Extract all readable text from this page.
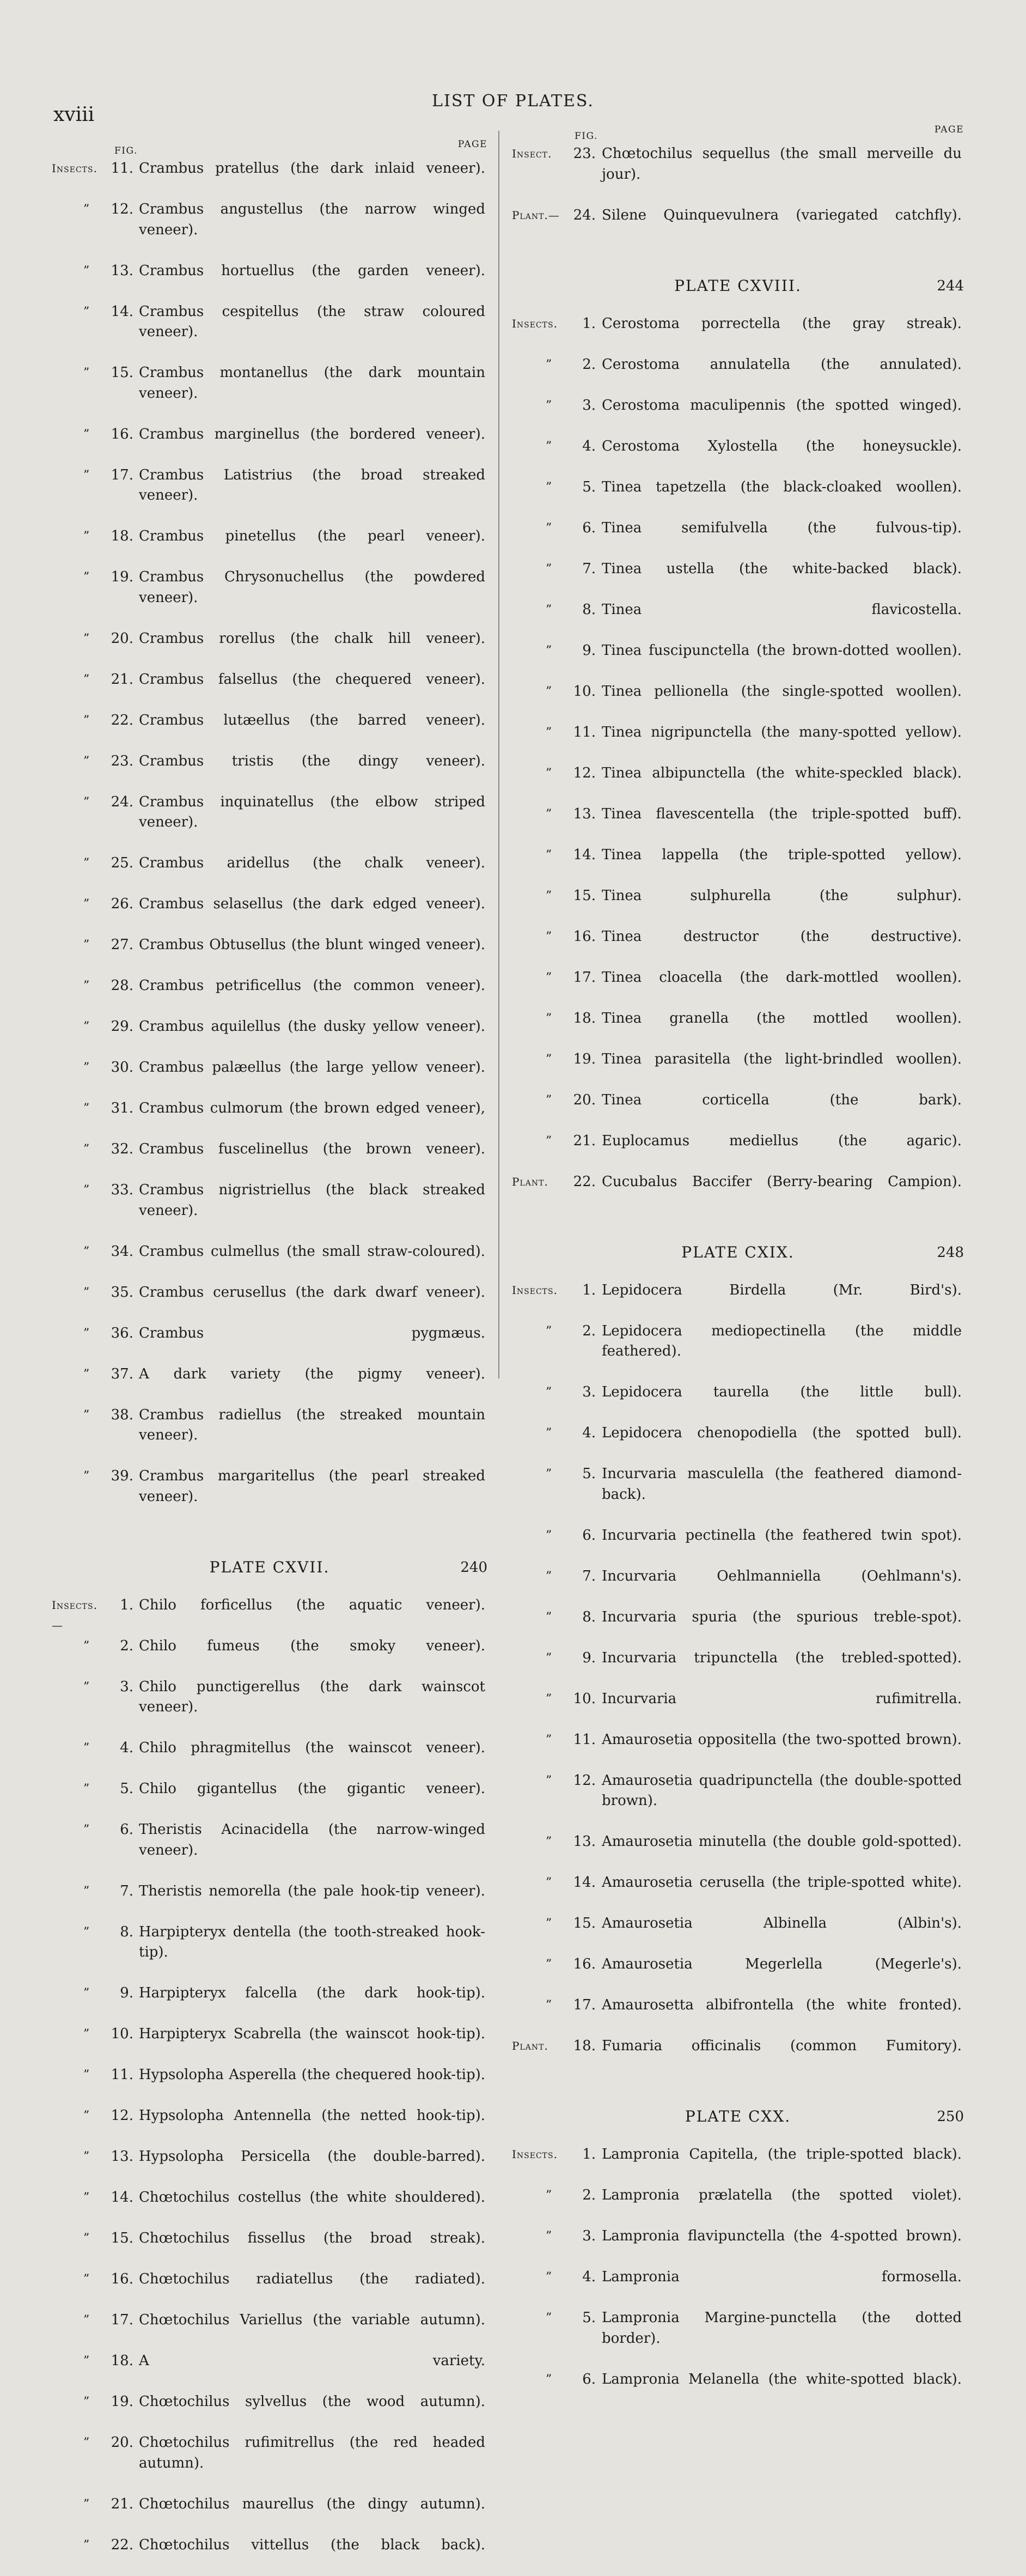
xviii
LIST OF PLATES.
FIG.
PAGE
Insects. 11. Crambus pratellus (the dark inlaid veneer).
”	12. Crambus angustellus (the narrow winged veneer).
”	13. Crambus hortuellus (the garden veneer).
”	14. Crambus cespitellus (the straw coloured veneer).
”	15. Crambus montanellus (the dark mountain veneer).
”	16. Crambus marginellus (the bordered veneer).
”	17. Crambus Latistrius (the broad streaked veneer).
”	18. Crambus pinetellus (the pearl veneer).
”	19. Crambus Chrysonuchellus (the powdered veneer).
”	20. Crambus rorellus (the chalk hill veneer).
”	21. Crambus falsellus (the chequered veneer).
”	22. Crambus lutæellus (the barred veneer).
”	23. Crambus tristis (the dingy veneer).
”	24. Crambus inquinatellus (the elbow striped veneer).
”	25. Crambus aridellus (the chalk veneer).
”	26. Crambus selasellus (the dark edged veneer).
”	27. Crambus Obtusellus (the blunt winged veneer).
”	28. Crambus petrificellus (the common veneer).
”	29. Crambus aquilellus (the dusky yellow veneer).
”	30. Crambus palæellus (the large yellow veneer).
”	31. Crambus culmorum (the brown edged veneer),
”	32. Crambus fuscelinellus (the brown veneer).
”	33. Crambus nigristriellus (the black streaked veneer).
”	34. Crambus culmellus (the small straw-coloured).
”	35. Crambus cerusellus (the dark dwarf veneer).
”	36. Crambus pygmæus.
”	37. A dark variety (the pigmy veneer).
”	38. Crambus radiellus (the streaked mountain veneer).
”	39. Crambus margaritellus (the pearl streaked veneer).
PLATE CXVII.	240
Insects.—
1. Chilo forficellus (the aquatic veneer).
”	2. Chilo fumeus (the smoky veneer).
”	3. Chilo punctigerellus (the dark wainscot veneer).
”	4. Chilo phragmitellus (the wainscot veneer).
”	5. Chilo gigantellus (the gigantic veneer).
”	6. Theristis Acinacidella (the narrow-winged veneer).
”	7. Theristis nemorella (the pale hook-tip veneer).
”	8. Harpipteryx dentella (the tooth-streaked hook-tip).
”	9. Harpipteryx falcella (the dark hook-tip).
”	10. Harpipteryx Scabrella (the wainscot hook-tip).
”	11. Hypsolopha Asperella (the chequered hook-tip).
”	12. Hypsolopha Antennella (the netted hook-tip).
”	13. Hypsolopha Persicella (the double-barred).
”	14. Chœtochilus costellus (the white shouldered).
”	15. Chœtochilus fissellus (the broad streak).
”	16. Chœtochilus radiatellus (the radiated).
”	17. Chœtochilus Variellus (the variable autumn).
”	18. A variety.
”	19. Chœtochilus sylvellus (the wood autumn).
”	20. Chœtochilus rufimitrellus (the red headed autumn).
”	21. Chœtochilus maurellus (the dingy autumn).
”	22. Chœtochilus vittellus (the black back).
FIG.
PAGE
Insect.	23. Chœtochilus sequellus (the small merveille du jour).
Plant.— 24. Silene Quinquevulnera (variegated catchfly).
PLATE CXVIII.	244
Insects.	1. Cerostoma porrectella (the gray streak).
”	2. Cerostoma annulatella (the annulated).
”	3. Cerostoma maculipennis (the spotted winged).
”	4. Cerostoma Xylostella (the honeysuckle).
”	5. Tinea tapetzella (the black-cloaked woollen).
”	6. Tinea semifulvella (the fulvous-tip).
”	7. Tinea ustella (the white-backed black).
”	8. Tinea flavicostella.
”	9. Tinea fuscipunctella (the brown-dotted woollen).
”	10. Tinea pellionella (the single-spotted woollen).
”	11. Tinea nigripunctella (the many-spotted yellow).
”	12. Tinea albipunctella (the white-speckled black).
”	13. Tinea flavescentella (the triple-spotted buff).
”	14. Tinea lappella (the triple-spotted yellow).
”	15. Tinea sulphurella (the sulphur).
”	16. Tinea destructor (the destructive).
”	17. Tinea cloacella (the dark-mottled woollen).
”	18. Tinea granella (the mottled woollen).
”	19. Tinea parasitella (the light-brindled woollen).
”	20. Tinea corticella (the bark).
”	21. Euplocamus mediellus (the agaric).
Plant.	22. Cucubalus Baccifer (Berry-bearing Campion).
PLATE CXIX.	248
Insects.	1. Lepidocera Birdella (Mr. Bird's).
”	2. Lepidocera mediopectinella (the middle feathered).
”	3. Lepidocera taurella (the little bull).
”	4. Lepidocera chenopodiella (the spotted bull).
”	5. Incurvaria masculella (the feathered diamond-back).
”	6. Incurvaria pectinella (the feathered twin spot).
”	7. Incurvaria Oehlmanniella (Oehlmann's).
”	8. Incurvaria spuria (the spurious treble-spot).
”	9. Incurvaria tripunctella (the trebled-spotted).
”	10. Incurvaria rufimitrella.
”	11. Amaurosetia oppositella (the two-spotted brown).
”	12. Amaurosetia quadripunctella (the double-spotted brown).
”	13. Amaurosetia minutella (the double gold-spotted).
”	14. Amaurosetia cerusella (the triple-spotted white).
”	15. Amaurosetia Albinella (Albin's).
”	16. Amaurosetia Megerlella (Megerle's).
”	17. Amaurosetta albifrontella (the white fronted).
Plant.	18. Fumaria officinalis (common Fumitory).
PLATE CXX.	250
Insects.	1. Lampronia Capitella, (the triple-spotted black).
”	2. Lampronia prælatella (the spotted violet).
”	3. Lampronia flavipunctella (the 4-spotted brown).
”	4. Lampronia formosella.
”	5. Lampronia Margine-punctella (the dotted border).
”	6. Lampronia Melanella (the white-spotted black).
